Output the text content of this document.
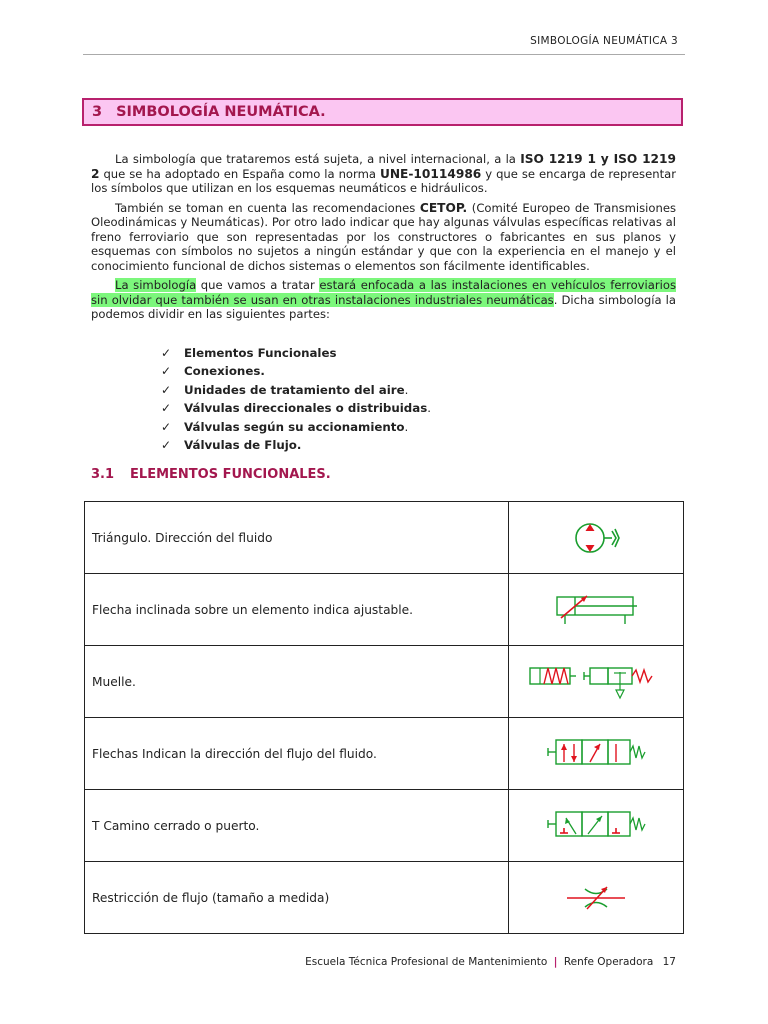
SIMBOLOGÍA NEUMÁTICA 3
3 SIMBOLOGÍA NEUMÁTICA.

La simbología que trataremos está sujeta, a nivel internacional, a la ISO 1219 1 y ISO 1219 2 que se ha adoptado en España como la norma UNE-10114986 y que se encarga de representar los símbolos que utilizan en los esquemas neumáticos e hidráulicos.

También se toman en cuenta las recomendaciones CETOP. (Comité Europeo de Transmisiones Oleodinámicas y Neumáticas). Por otro lado indicar que hay algunas válvulas específicas relativas al freno ferroviario que son representadas por los constructores o fabricantes en sus planos y esquemas con símbolos no sujetos a ningún estándar y que con la experiencia en el manejo y el conocimiento funcional de dichos sistemas o elementos son fácilmente identificables.

La simbología que vamos a tratar estará enfocada a las instalaciones en vehículos ferroviarios sin olvidar que también se usan en otras instalaciones industriales neumáticas. Dicha simbología la podemos dividir en las siguientes partes:

✓	Elementos Funcionales
✓	Conexiones.
✓	Unidades de tratamiento del aire .
✓	Válvulas direccionales o distribuidas .
✓	Válvulas según su accionamiento .
✓	Válvulas de Flujo.
3.1 ELEMENTOS FUNCIONALES.
Triángulo. Dirección del fluido	

Flecha inclinada sobre un elemento indica ajustable.	

Muelle.	

Flechas Indican la dirección del flujo del fluido.	

T Camino cerrado o puerto.	

Restricción de flujo (tamaño a medida)	
Escuela Técnica Profesional de Mantenimiento | Renfe Operadora 17
